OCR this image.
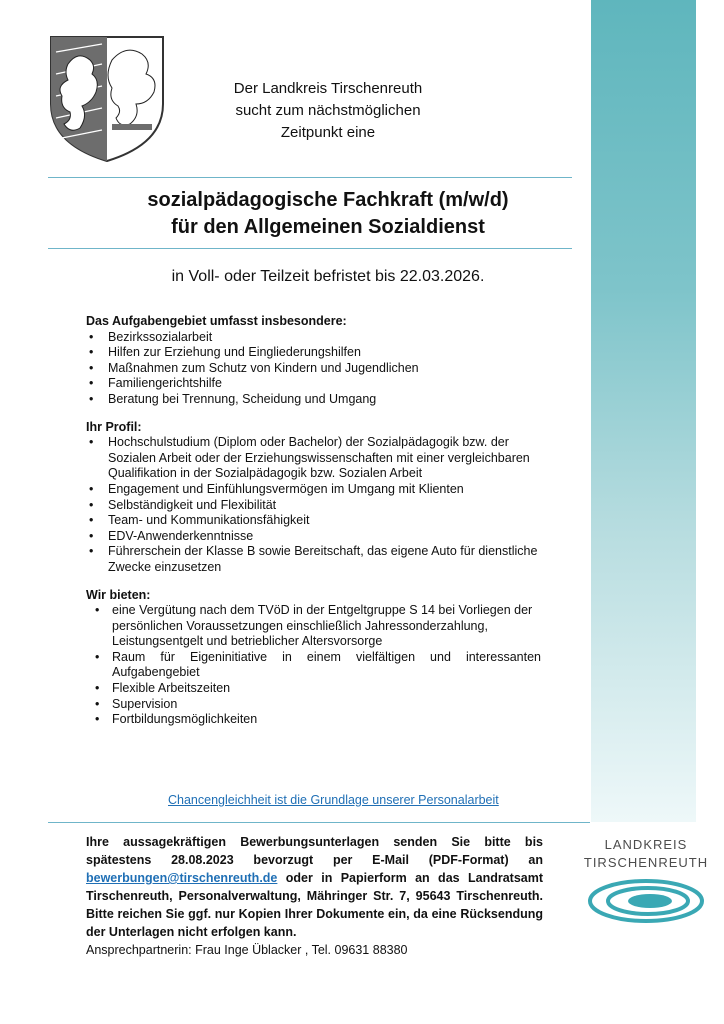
Der Landkreis Tirschenreuth
sucht zum nächstmöglichen
Zeitpunkt eine
sozialpädagogische Fachkraft (m/w/d)
für den Allgemeinen Sozialdienst
in Voll- oder Teilzeit befristet bis 22.03.2026.

Das Aufgabengebiet umfasst insbesondere:

• Bezirkssozialarbeit
• Hilfen zur Erziehung und Eingliederungshilfen
• Maßnahmen zum Schutz von Kindern und Jugendlichen
• Familiengerichtshilfe
• Beratung bei Trennung, Scheidung und Umgang

Ihr Profil:

• Hochschulstudium (Diplom oder Bachelor) der Sozialpädagogik bzw. der Sozialen Arbeit oder der Erziehungswissenschaften mit einer vergleichbaren Qualifikation in der Sozialpädagogik bzw. Sozialen Arbeit
• Engagement und Einfühlungsvermögen im Umgang mit Klienten
• Selbständigkeit und Flexibilität
• Team- und Kommunikationsfähigkeit
• EDV-Anwenderkenntnisse
• Führerschein der Klasse B sowie Bereitschaft, das eigene Auto für dienstliche Zwecke einzusetzen

Wir bieten:

• eine Vergütung nach dem TVöD in der Entgeltgruppe S 14 bei Vorliegen der persönlichen Voraussetzungen einschließlich Jahressonderzahlung, Leistungsentgelt und betrieblicher Altersvorsorge
• Raum für Eigeninitiative in einem vielfältigen und interessanten Aufgabengebiet
• Flexible Arbeitszeiten
• Supervision
• Fortbildungsmöglichkeiten
Chancengleichheit ist die Grundlage unserer Personalarbeit

Ihre aussagekräftigen Bewerbungsunterlagen senden Sie bitte bis spätestens 28.08.2023 bevorzugt per E-Mail (PDF-Format) an bewerbungen@tirschenreuth.de oder in Papierform an das Landratsamt Tirschenreuth, Personalverwaltung, Mähringer Str. 7, 95643 Tirschenreuth. Bitte reichen Sie ggf. nur Kopien Ihrer Dokumente ein, da eine Rücksendung der Unterlagen nicht erfolgen kann.

Ansprechpartnerin: Frau Inge Üblacker , Tel. 09631 88380

LANDKREIS
TIRSCHENREUTH
